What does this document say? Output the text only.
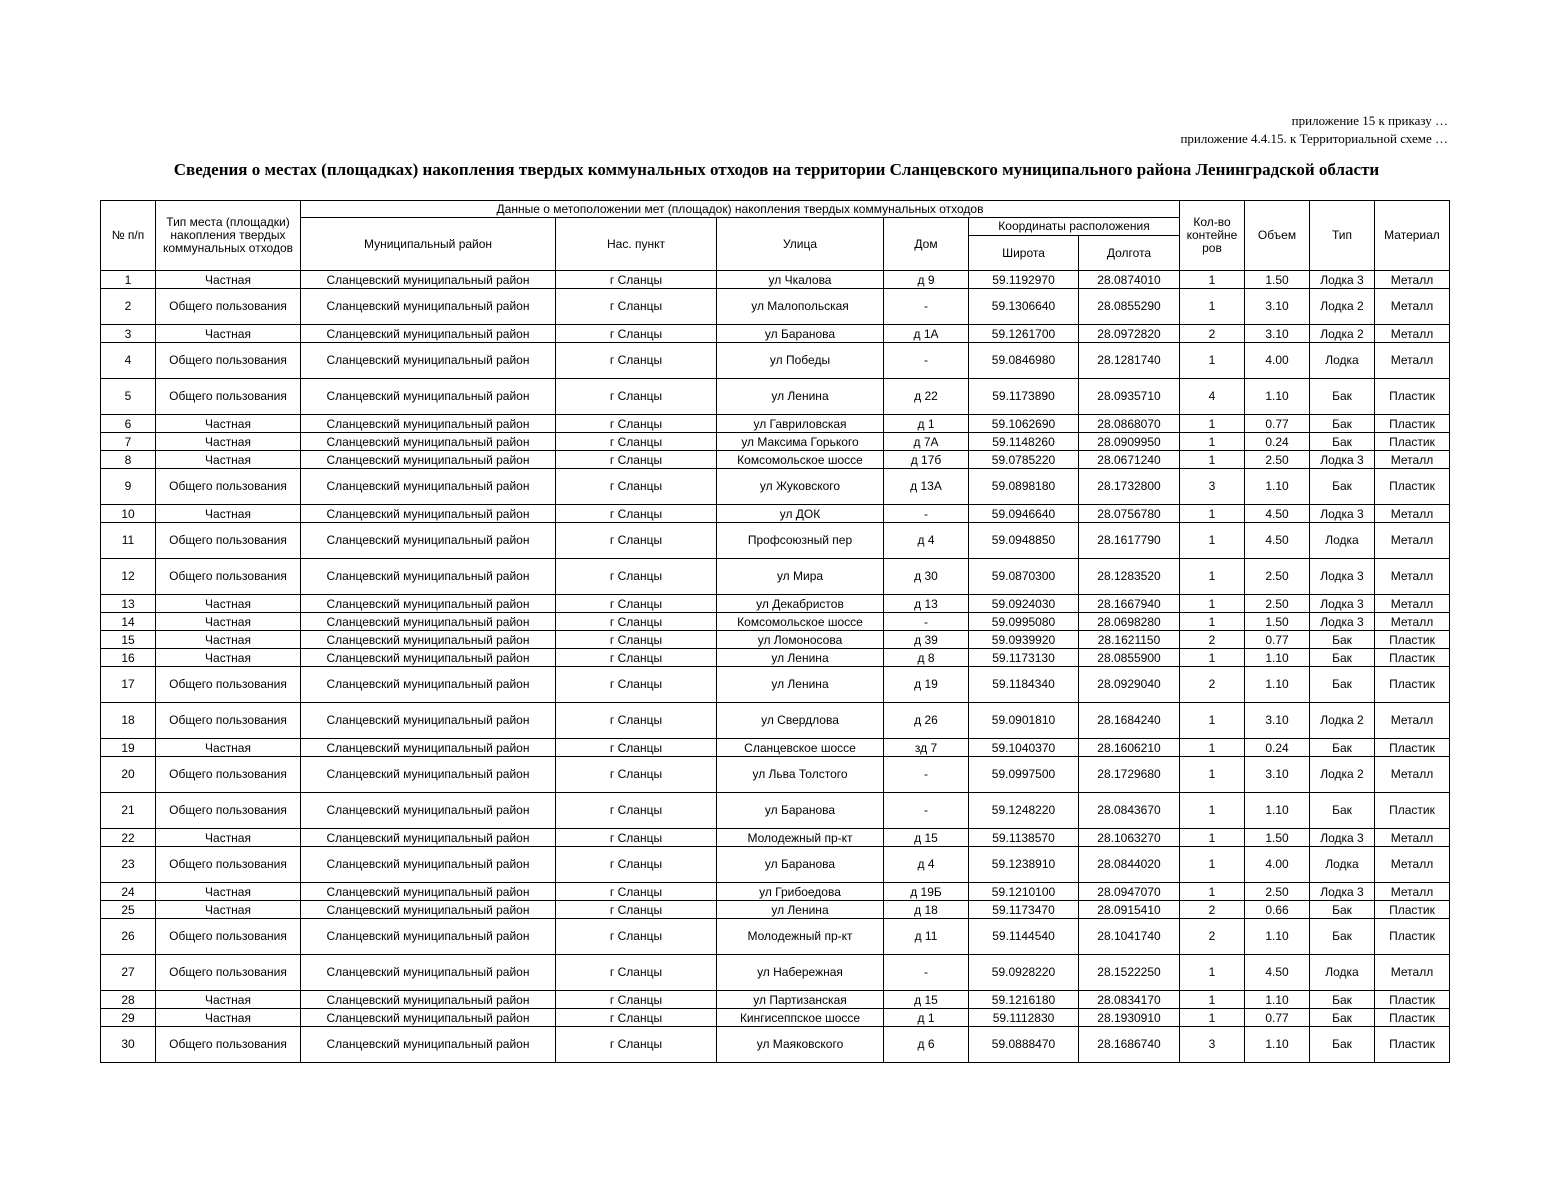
приложение 15 к приказу …
приложение 4.4.15. к Территориальной схеме …
Сведения о местах (площадках) накопления твердых коммунальных отходов на территории Сланцевского муниципального района Ленинградской области
№ п/п	Тип места (площадки) накопления твердых коммунальных отходов	Данные о метоположении мет (площадок) накопления твердых коммунальных отходов						Кол-во контейне ров	Объем	Тип	Материал
		Муниципальный район	Нас. пункт	Улица	Дом	Координаты расположения					
						Широта	Долгота				
1	Частная	Сланцевский муниципальный район	г Сланцы	ул Чкалова	д 9	59.1192970	28.0874010	1	1.50	Лодка 3	Металл
2	Общего пользования	Сланцевский муниципальный район	г Сланцы	ул Малопольская	-	59.1306640	28.0855290	1	3.10	Лодка 2	Металл
3	Частная	Сланцевский муниципальный район	г Сланцы	ул Баранова	д 1А	59.1261700	28.0972820	2	3.10	Лодка 2	Металл
4	Общего пользования	Сланцевский муниципальный район	г Сланцы	ул Победы	-	59.0846980	28.1281740	1	4.00	Лодка	Металл
5	Общего пользования	Сланцевский муниципальный район	г Сланцы	ул Ленина	д 22	59.1173890	28.0935710	4	1.10	Бак	Пластик
6	Частная	Сланцевский муниципальный район	г Сланцы	ул Гавриловская	д 1	59.1062690	28.0868070	1	0.77	Бак	Пластик
7	Частная	Сланцевский муниципальный район	г Сланцы	ул Максима Горького	д 7А	59.1148260	28.0909950	1	0.24	Бак	Пластик
8	Частная	Сланцевский муниципальный район	г Сланцы	Комсомольское шоссе	д 17б	59.0785220	28.0671240	1	2.50	Лодка 3	Металл
9	Общего пользования	Сланцевский муниципальный район	г Сланцы	ул Жуковского	д 13А	59.0898180	28.1732800	3	1.10	Бак	Пластик
10	Частная	Сланцевский муниципальный район	г Сланцы	ул ДОК	-	59.0946640	28.0756780	1	4.50	Лодка 3	Металл
11	Общего пользования	Сланцевский муниципальный район	г Сланцы	Профсоюзный пер	д 4	59.0948850	28.1617790	1	4.50	Лодка	Металл
12	Общего пользования	Сланцевский муниципальный район	г Сланцы	ул Мира	д 30	59.0870300	28.1283520	1	2.50	Лодка 3	Металл
13	Частная	Сланцевский муниципальный район	г Сланцы	ул Декабристов	д 13	59.0924030	28.1667940	1	2.50	Лодка 3	Металл
14	Частная	Сланцевский муниципальный район	г Сланцы	Комсомольское шоссе	-	59.0995080	28.0698280	1	1.50	Лодка 3	Металл
15	Частная	Сланцевский муниципальный район	г Сланцы	ул Ломоносова	д 39	59.0939920	28.1621150	2	0.77	Бак	Пластик
16	Частная	Сланцевский муниципальный район	г Сланцы	ул Ленина	д 8	59.1173130	28.0855900	1	1.10	Бак	Пластик
17	Общего пользования	Сланцевский муниципальный район	г Сланцы	ул Ленина	д 19	59.1184340	28.0929040	2	1.10	Бак	Пластик
18	Общего пользования	Сланцевский муниципальный район	г Сланцы	ул Свердлова	д 26	59.0901810	28.1684240	1	3.10	Лодка 2	Металл
19	Частная	Сланцевский муниципальный район	г Сланцы	Сланцевское шоссе	зд 7	59.1040370	28.1606210	1	0.24	Бак	Пластик
20	Общего пользования	Сланцевский муниципальный район	г Сланцы	ул Льва Толстого	-	59.0997500	28.1729680	1	3.10	Лодка 2	Металл
21	Общего пользования	Сланцевский муниципальный район	г Сланцы	ул Баранова	-	59.1248220	28.0843670	1	1.10	Бак	Пластик
22	Частная	Сланцевский муниципальный район	г Сланцы	Молодежный пр-кт	д 15	59.1138570	28.1063270	1	1.50	Лодка 3	Металл
23	Общего пользования	Сланцевский муниципальный район	г Сланцы	ул Баранова	д 4	59.1238910	28.0844020	1	4.00	Лодка	Металл
24	Частная	Сланцевский муниципальный район	г Сланцы	ул Грибоедова	д 19Б	59.1210100	28.0947070	1	2.50	Лодка 3	Металл
25	Частная	Сланцевский муниципальный район	г Сланцы	ул Ленина	д 18	59.1173470	28.0915410	2	0.66	Бак	Пластик
26	Общего пользования	Сланцевский муниципальный район	г Сланцы	Молодежный пр-кт	д 11	59.1144540	28.1041740	2	1.10	Бак	Пластик
27	Общего пользования	Сланцевский муниципальный район	г Сланцы	ул Набережная	-	59.0928220	28.1522250	1	4.50	Лодка	Металл
28	Частная	Сланцевский муниципальный район	г Сланцы	ул Партизанская	д 15	59.1216180	28.0834170	1	1.10	Бак	Пластик
29	Частная	Сланцевский муниципальный район	г Сланцы	Кингисеппское шоссе	д 1	59.1112830	28.1930910	1	0.77	Бак	Пластик
30	Общего пользования	Сланцевский муниципальный район	г Сланцы	ул Маяковского	д 6	59.0888470	28.1686740	3	1.10	Бак	Пластик
